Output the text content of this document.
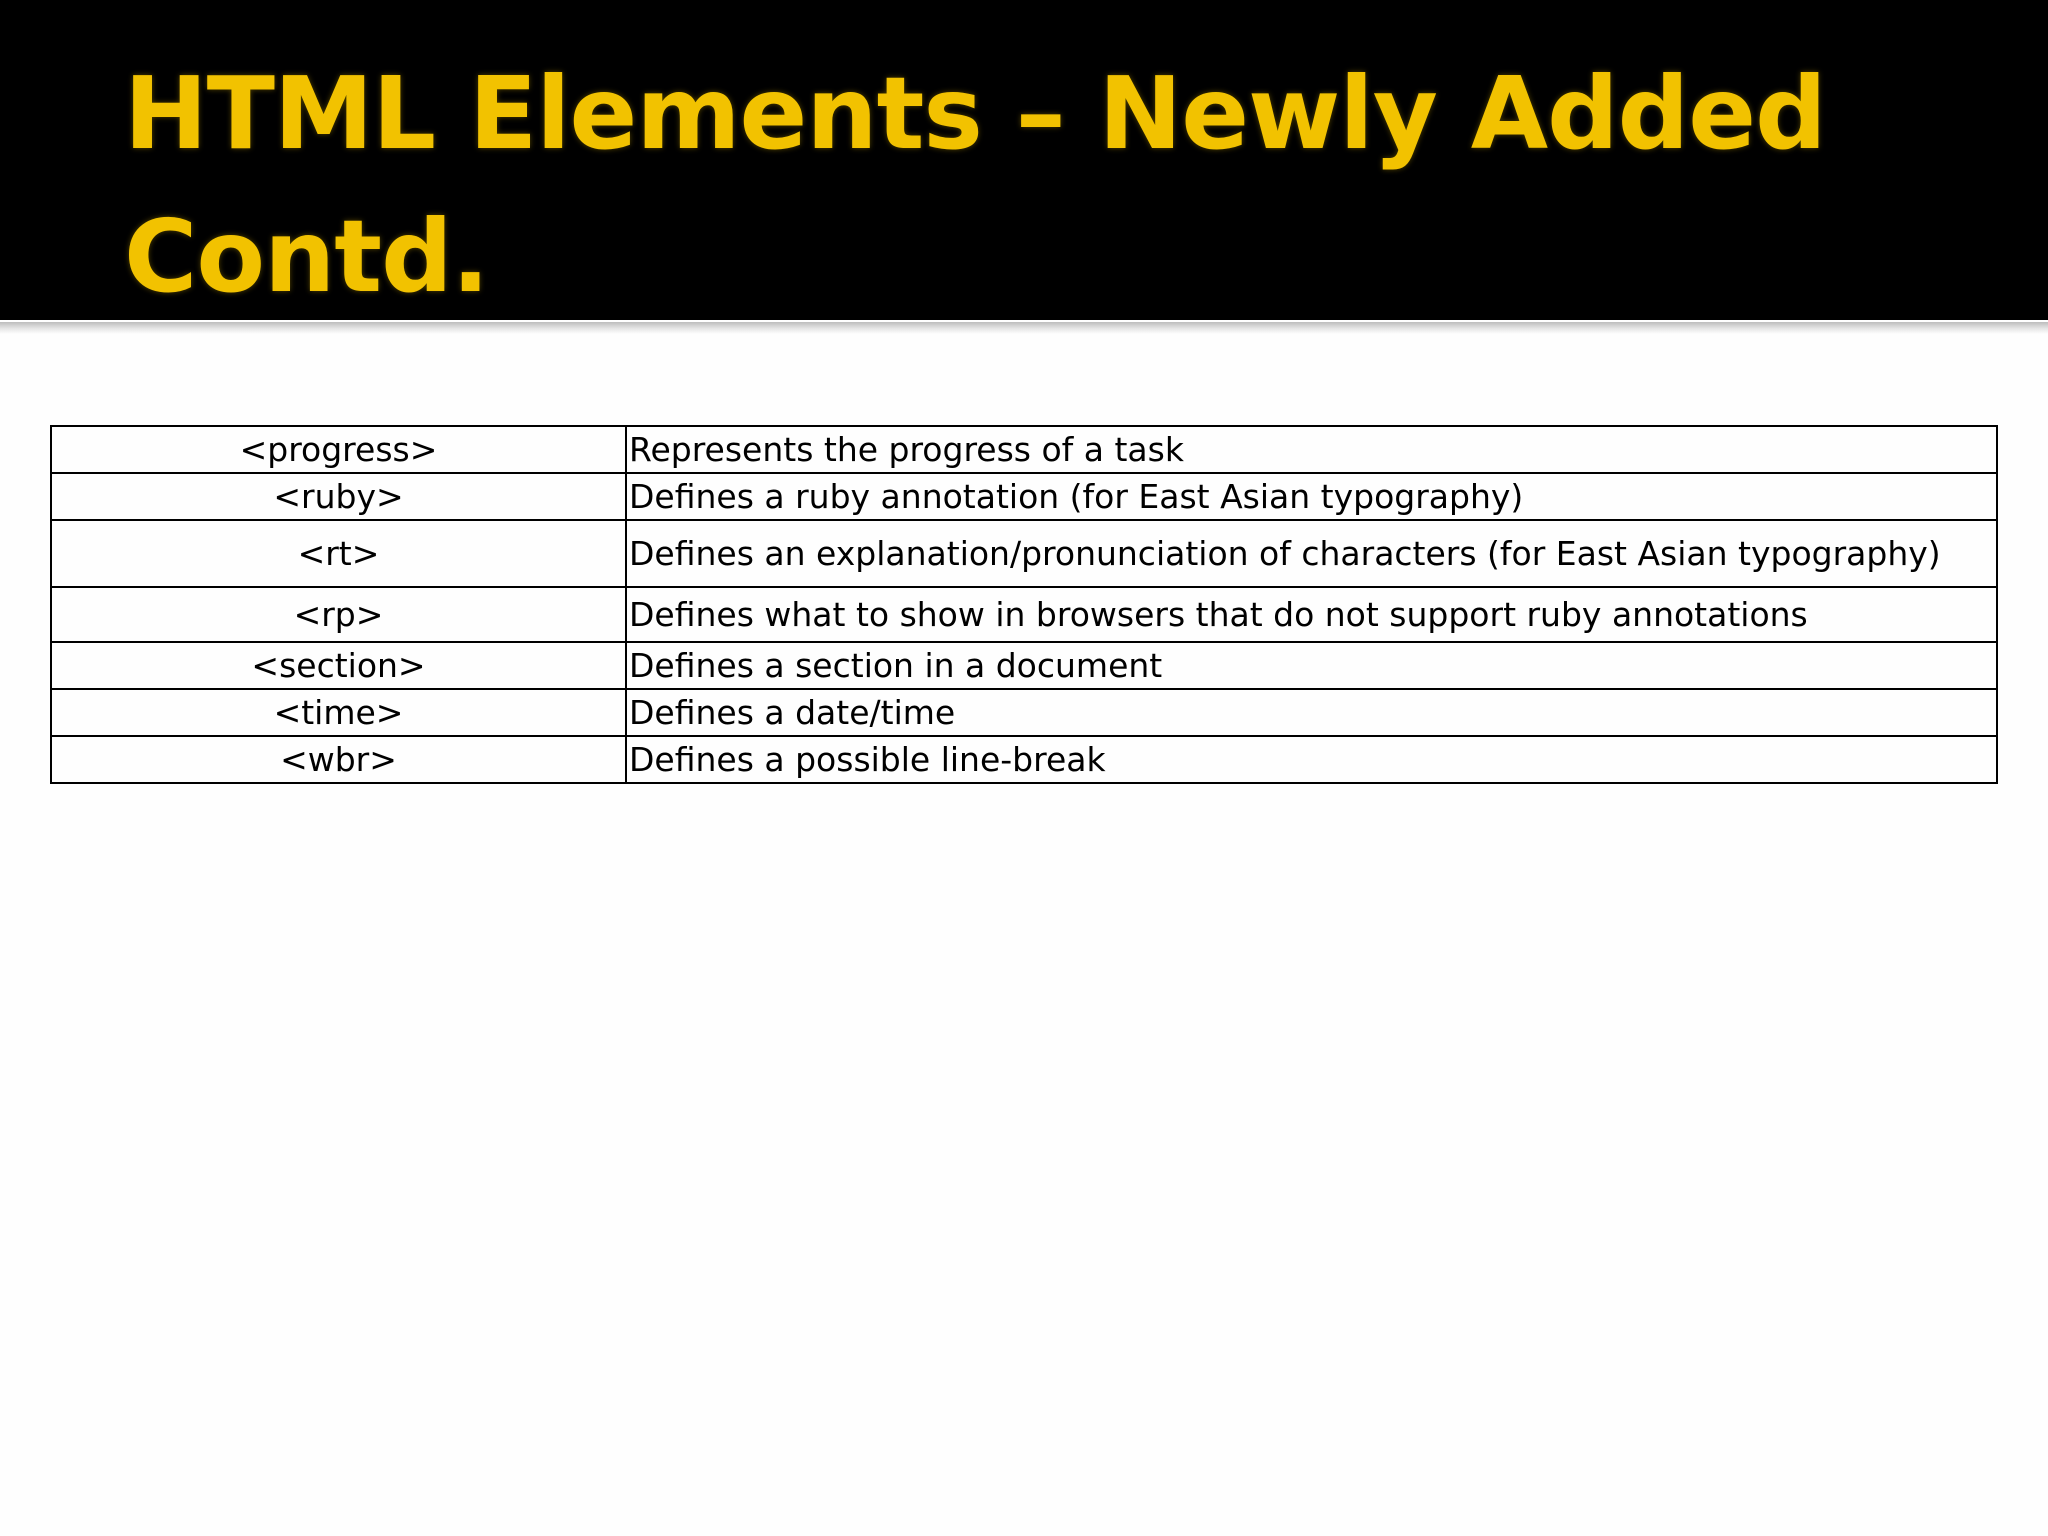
HTML Elements – Newly Added Contd.
<progress>	Represents the progress of a task
<ruby>	Defines a ruby annotation (for East Asian typography)
<rt>	Defines an explanation/pronunciation of characters (for East Asian typography)
<rp>	Defines what to show in browsers that do not support ruby annotations
<section>	Defines a section in a document
<time>	Defines a date/time
<wbr>	Defines a possible line-break
